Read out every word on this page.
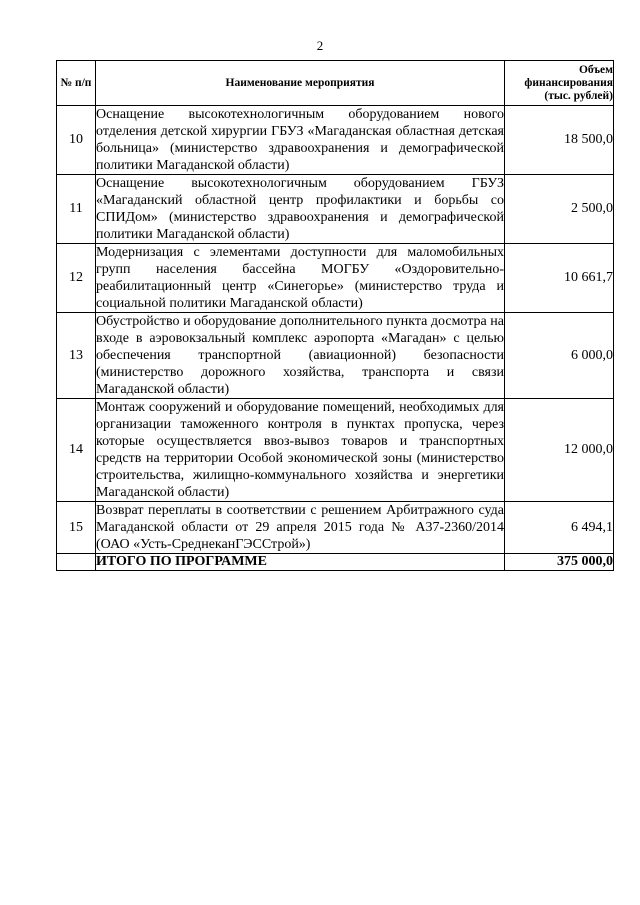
2
№ п/п	Наименование мероприятия	Объем финансирования (тыс. рублей)
10	Оснащение высокотехнологичным оборудованием нового отделения детской хирургии ГБУЗ «Магаданская областная детская больница» (министерство здравоохранения и демографической политики Магаданской области)	18 500,0
11	Оснащение высокотехнологичным оборудованием ГБУЗ «Магаданский областной центр профилактики и борьбы со СПИДом» (министерство здравоохранения и демографической политики Магаданской области)	2 500,0
12	Модернизация с элементами доступности для маломобильных групп населения бассейна МОГБУ «Оздоровительно-реабилитационный центр «Синегорье» (министерство труда и социальной политики Магаданской области)	10 661,7
13	Обустройство и оборудование дополнительного пункта досмотра на входе в аэровокзальный комплекс аэропорта «Магадан» с целью обеспечения транспортной (авиационной) безопасности (министерство дорожного хозяйства, транспорта и связи Магаданской области)	6 000,0
14	Монтаж сооружений и оборудование помещений, необходимых для организации таможенного контроля в пунктах пропуска, через которые осуществляется ввоз-вывоз товаров и транспортных средств на территории Особой экономической зоны (министерство строительства, жилищно-коммунального хозяйства и энергетики Магаданской области)	12 000,0
15	Возврат переплаты в соответствии с решением Арбитражного суда Магаданской области от 29 апреля 2015 года № А37-2360/2014 (ОАО «Усть-СреднеканГЭССтрой»)	6 494,1
	ИТОГО ПО ПРОГРАММЕ	375 000,0
